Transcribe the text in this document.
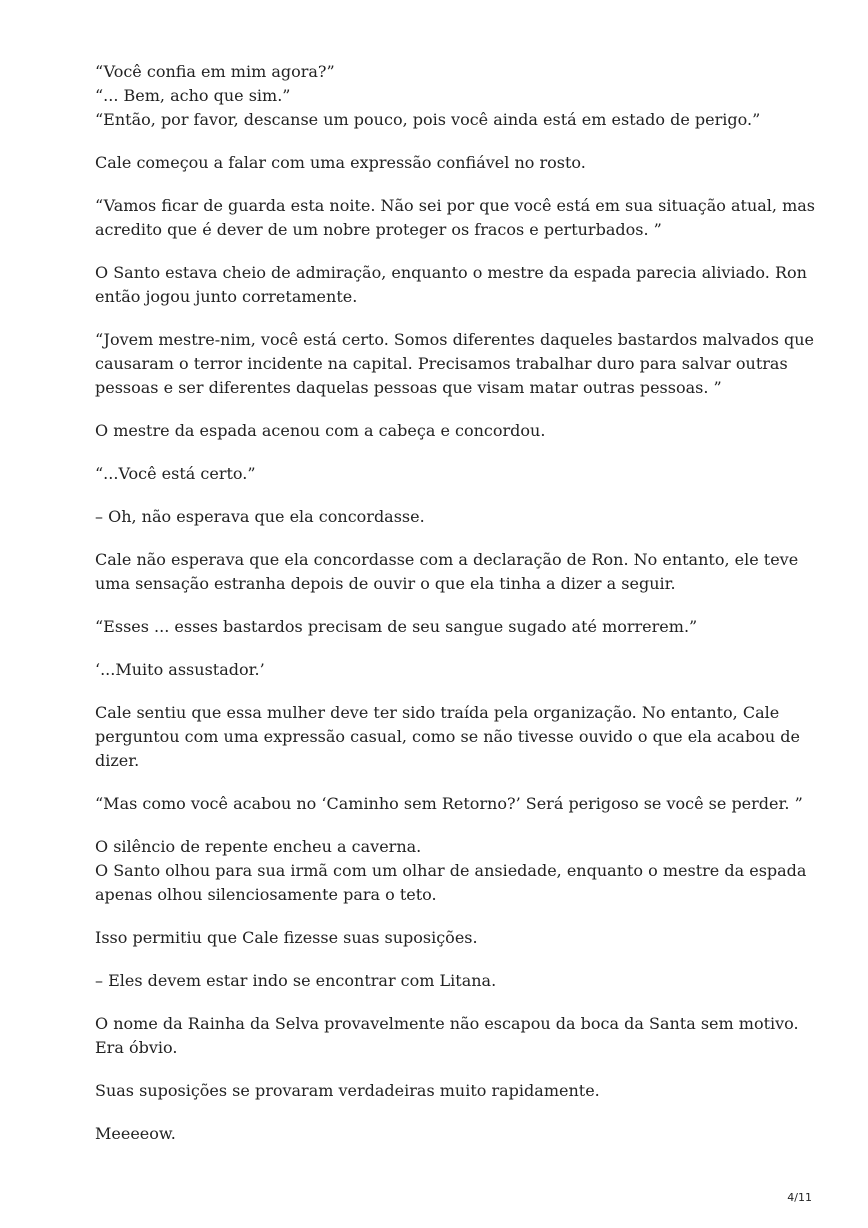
“Você confia em mim agora?”
“... Bem, acho que sim.”
“Então, por favor, descanse um pouco, pois você ainda está em estado de perigo.”

Cale começou a falar com uma expressão confiável no rosto.

“Vamos ficar de guarda esta noite. Não sei por que você está em sua situação atual, mas
acredito que é dever de um nobre proteger os fracos e perturbados. ”

O Santo estava cheio de admiração, enquanto o mestre da espada parecia aliviado. Ron
então jogou junto corretamente.

“Jovem mestre-nim, você está certo. Somos diferentes daqueles bastardos malvados que
causaram o terror incidente na capital. Precisamos trabalhar duro para salvar outras
pessoas e ser diferentes daquelas pessoas que visam matar outras pessoas. ”

O mestre da espada acenou com a cabeça e concordou.

“...Você está certo.”

– Oh, não esperava que ela concordasse.

Cale não esperava que ela concordasse com a declaração de Ron. No entanto, ele teve
uma sensação estranha depois de ouvir o que ela tinha a dizer a seguir.

“Esses ... esses bastardos precisam de seu sangue sugado até morrerem.”

‘...Muito assustador.’

Cale sentiu que essa mulher deve ter sido traída pela organização. No entanto, Cale
perguntou com uma expressão casual, como se não tivesse ouvido o que ela acabou de
dizer.

“Mas como você acabou no ‘Caminho sem Retorno?’ Será perigoso se você se perder. ”

O silêncio de repente encheu a caverna.
O Santo olhou para sua irmã com um olhar de ansiedade, enquanto o mestre da espada
apenas olhou silenciosamente para o teto.

Isso permitiu que Cale fizesse suas suposições.

– Eles devem estar indo se encontrar com Litana.

O nome da Rainha da Selva provavelmente não escapou da boca da Santa sem motivo.
Era óbvio.

Suas suposições se provaram verdadeiras muito rapidamente.

Meeeeow.

4/11
